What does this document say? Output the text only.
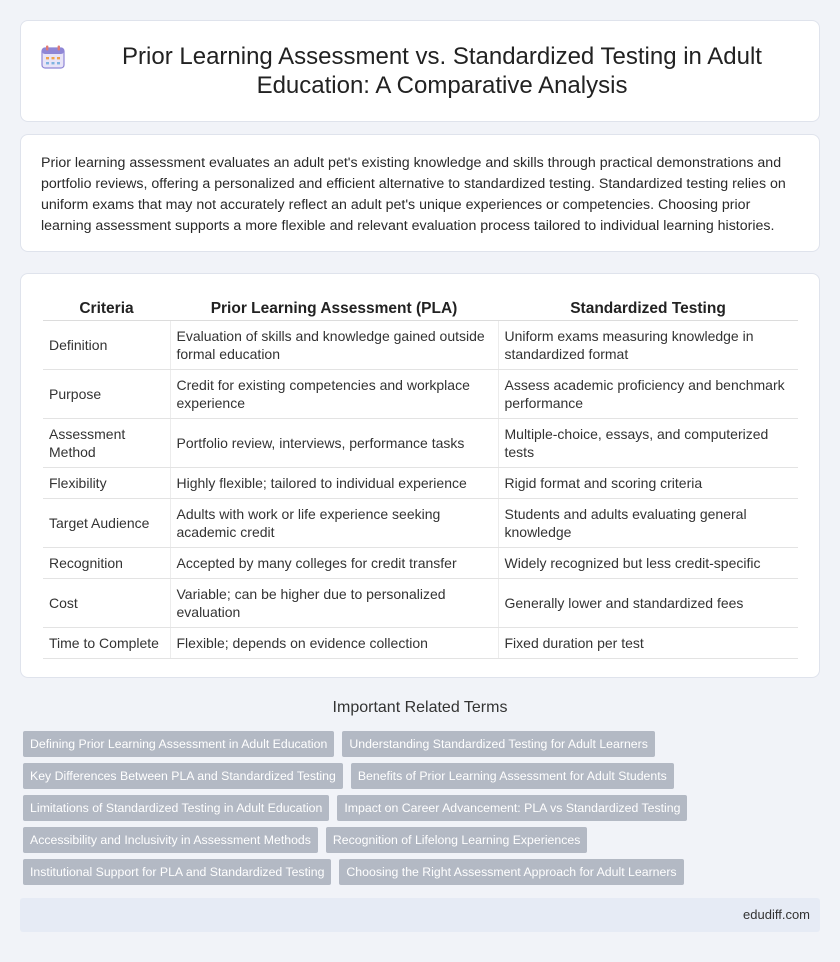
Prior Learning Assessment vs. Standardized Testing in Adult Education: A Comparative Analysis

Prior learning assessment evaluates an adult pet's existing knowledge and skills through practical demonstrations and portfolio reviews, offering a personalized and efficient alternative to standardized testing. Standardized testing relies on uniform exams that may not accurately reflect an adult pet's unique experiences or competencies. Choosing prior learning assessment supports a more flexible and relevant evaluation process tailored to individual learning histories.

Criteria	Prior Learning Assessment (PLA)	Standardized Testing
Definition	Evaluation of skills and knowledge gained outside formal education	Uniform exams measuring knowledge in standardized format
Purpose	Credit for existing competencies and workplace experience	Assess academic proficiency and benchmark performance
Assessment Method	Portfolio review, interviews, performance tasks	Multiple-choice, essays, and computerized tests
Flexibility	Highly flexible; tailored to individual experience	Rigid format and scoring criteria
Target Audience	Adults with work or life experience seeking academic credit	Students and adults evaluating general knowledge
Recognition	Accepted by many colleges for credit transfer	Widely recognized but less credit-specific
Cost	Variable; can be higher due to personalized evaluation	Generally lower and standardized fees
Time to Complete	Flexible; depends on evidence collection	Fixed duration per test
Important Related Terms
Defining Prior Learning Assessment in Adult Education	Understanding Standardized Testing for Adult Learners
Key Differences Between PLA and Standardized Testing	Benefits of Prior Learning Assessment for Adult Students
Limitations of Standardized Testing in Adult Education	Impact on Career Advancement: PLA vs Standardized Testing
Accessibility and Inclusivity in Assessment Methods	Recognition of Lifelong Learning Experiences
Institutional Support for PLA and Standardized Testing	Choosing the Right Assessment Approach for Adult Learners
edudiff.com
